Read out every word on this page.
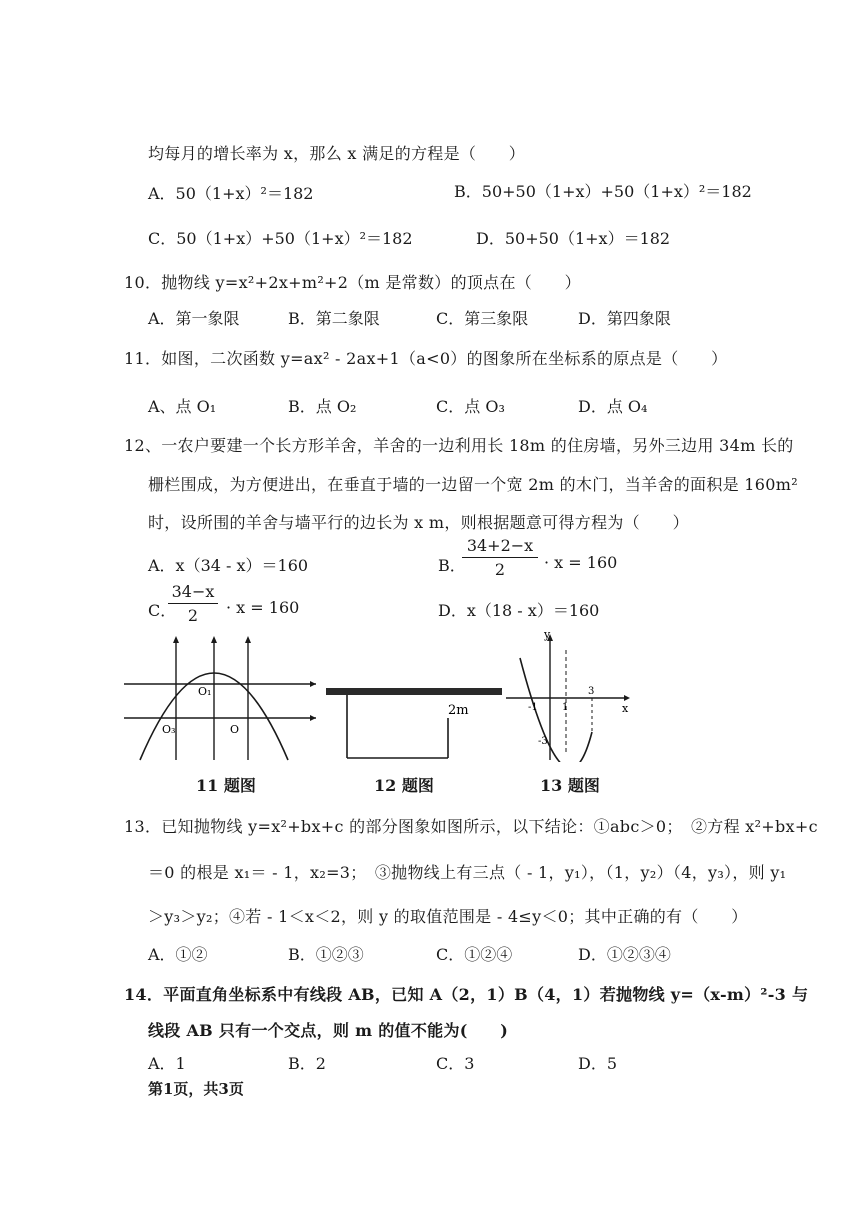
均每月的增长率为 x，那么 x 满足的方程是（　　）
A．50（1+x）²＝182	B．50+50（1+x）+50（1+x）²＝182
C．50（1+x）+50（1+x）²＝182	D．50+50（1+x）＝182
10．抛物线 y=x²+2x+m²+2（m 是常数）的顶点在（　　）
A．第一象限	B．第二象限	C．第三象限	D．第四象限
11．如图，二次函数 y=ax² - 2ax+1（a<0）的图象所在坐标系的原点是（　　）
A、点 O₁	B．点 O₂	C．点 O₃	D．点 O₄
12、一农户要建一个长方形羊舍，羊舍的一边利用长 18m 的住房墙，另外三边用 34m 长的
栅栏围成，为方便进出，在垂直于墙的一边留一个宽 2m 的木门，当羊舍的面积是 160m²
时，设所围的羊舍与墙平行的边长为 x m，则根据题意可得方程为（　　）
A．x（34 - x）＝160	B．
$\frac{34+2-x}{2} \cdot x = 160$
C．
$\frac{34-x}{2} \cdot x = 160$	D．x（18 - x）＝160
O₁
O₃	O
11 题图
2m
12 题图
y
x
-1 1
3
-3
13 题图
13．已知抛物线 y=x²+bx+c 的部分图象如图所示，以下结论：①abc＞0；　②方程 x²+bx+c
＝0 的根是 x₁＝ - 1，x₂=3；　③抛物线上有三点（ - 1，y₁），（1，y₂）（4，y₃），则 y₁
＞y₃＞y₂；④若 - 1＜x＜2，则 y 的取值范围是 - 4≤y＜0；其中正确的有（　　）
A．①②	B．①②③	C．①②④	D．①②③④
14．平面直角坐标系中有线段 AB，已知 A（2，1）B（4，1）若抛物线 y=（x-m）²-3 与
线段 AB 只有一个交点，则 m 的值不能为(　　)
A．1	B．2	C．3	D．5
第1页，共3页
